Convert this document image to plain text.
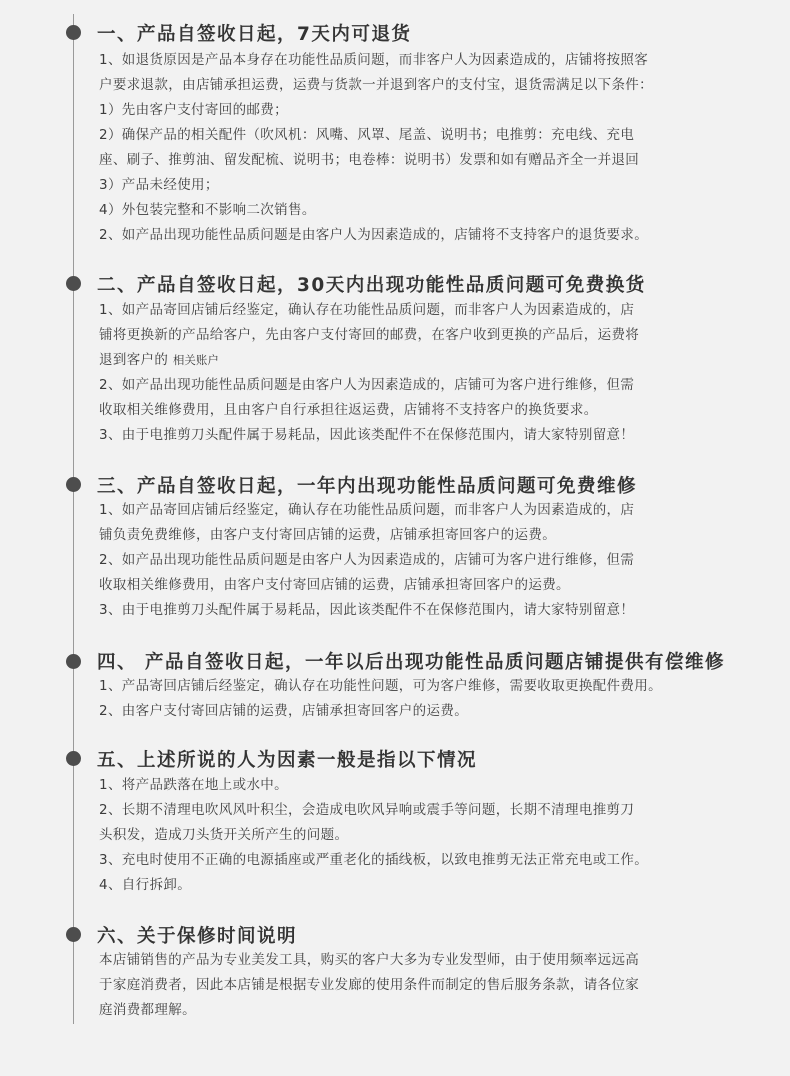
一、产品自签收日起，7天内可退货
1、如退货原因是产品本身存在功能性品质问题，而非客户人为因素造成的，店铺将按照客
户要求退款，由店铺承担运费，运费与货款一并退到客户的支付宝，退货需满足以下条件：
1）先由客户支付寄回的邮费；
2）确保产品的相关配件（吹风机：风嘴、风罩、尾盖、说明书；电推剪：充电线、充电
座、刷子、推剪油、留发配梳、说明书；电卷棒：说明书）发票和如有赠品齐全一并退回
3）产品未经使用；
4）外包装完整和不影响二次销售。
2、如产品出现功能性品质问题是由客户人为因素造成的，店铺将不支持客户的退货要求。
二、产品自签收日起，30天内出现功能性品质问题可免费换货
1、如产品寄回店铺后经鉴定，确认存在功能性品质问题，而非客户人为因素造成的，店
铺将更换新的产品给客户，先由客户支付寄回的邮费，在客户收到更换的产品后，运费将
退到客户的 相关账户
2、如产品出现功能性品质问题是由客户人为因素造成的，店铺可为客户进行维修，但需
收取相关维修费用，且由客户自行承担往返运费，店铺将不支持客户的换货要求。
3、由于电推剪刀头配件属于易耗品，因此该类配件不在保修范围内，请大家特别留意！
三、产品自签收日起，一年内出现功能性品质问题可免费维修
1、如产品寄回店铺后经鉴定，确认存在功能性品质问题，而非客户人为因素造成的，店
铺负责免费维修，由客户支付寄回店铺的运费，店铺承担寄回客户的运费。
2、如产品出现功能性品质问题是由客户人为因素造成的，店铺可为客户进行维修，但需
收取相关维修费用，由客户支付寄回店铺的运费，店铺承担寄回客户的运费。
3、由于电推剪刀头配件属于易耗品，因此该类配件不在保修范围内，请大家特别留意！
四、 产品自签收日起，一年以后出现功能性品质问题店铺提供有偿维修
1、产品寄回店铺后经鉴定，确认存在功能性问题，可为客户维修，需要收取更换配件费用。
2、由客户支付寄回店铺的运费，店铺承担寄回客户的运费。
五、上述所说的人为因素一般是指以下情况
1、将产品跌落在地上或水中。
2、长期不清理电吹风风叶积尘，会造成电吹风异响或震手等问题，长期不清理电推剪刀
头积发，造成刀头货开关所产生的问题。
3、充电时使用不正确的电源插座或严重老化的插线板，以致电推剪无法正常充电或工作。
4、自行拆卸。
六、关于保修时间说明
本店铺销售的产品为专业美发工具，购买的客户大多为专业发型师，由于使用频率远远高
于家庭消费者，因此本店铺是根据专业发廊的使用条件而制定的售后服务条款，请各位家
庭消费都理解。
